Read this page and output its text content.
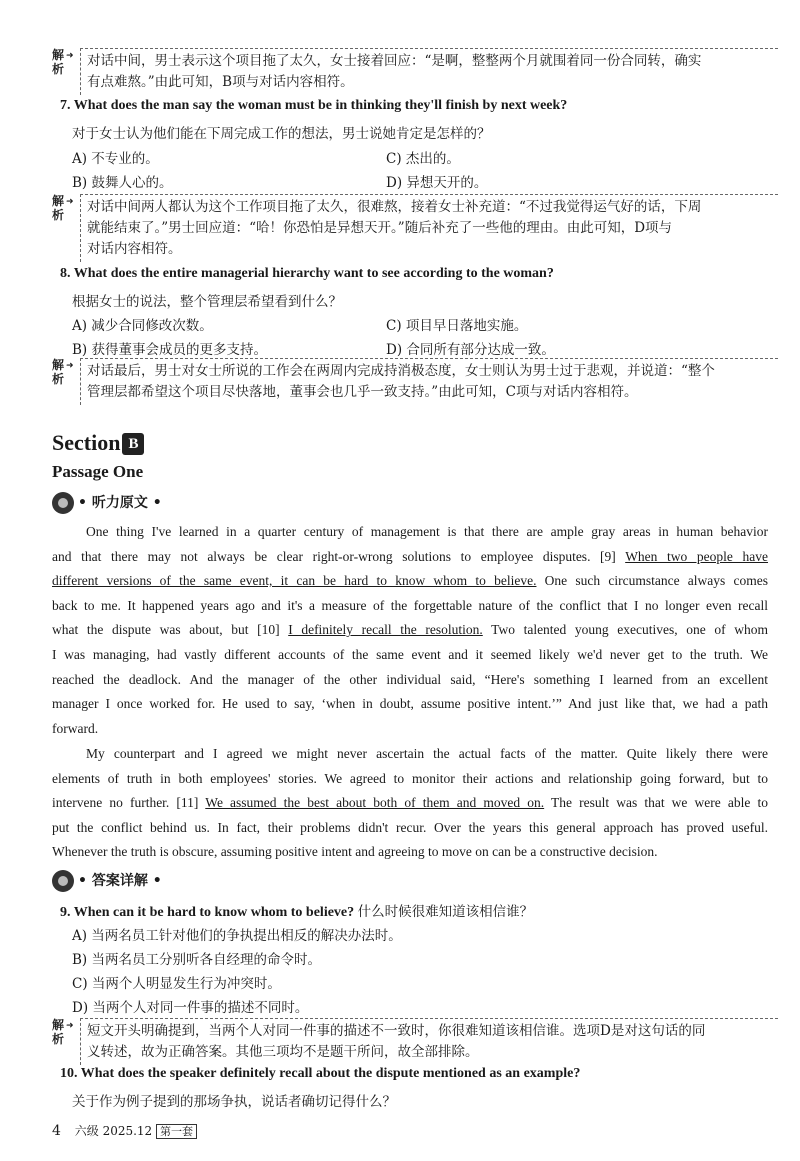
解析
➜ 对话中间，男士表示这个项目拖了太久，女士接着回应：“是啊，整整两个月就围着同一份合同转，确实
有点难熬。”由此可知，B项与对话内容相符。
7. What does the man say the woman must be in thinking they'll finish by next week?
对于女士认为他们能在下周完成工作的想法，男士说她肯定是怎样的？
A) 不专业的。	C) 杰出的。
B) 鼓舞人心的。	D) 异想天开的。
解析
➜ 对话中间两人都认为这个工作项目拖了太久，很难熬，接着女士补充道：“不过我觉得运气好的话，下周
就能结束了。”男士回应道：“哈！你恐怕是异想天开。”随后补充了一些他的理由。由此可知，D项与
对话内容相符。
8. What does the entire managerial hierarchy want to see according to the woman?
根据女士的说法，整个管理层希望看到什么？
A) 减少合同修改次数。	C) 项目早日落地实施。
B) 获得董事会成员的更多支持。	D) 合同所有部分达成一致。
解析
➜ 对话最后，男士对女士所说的工作会在两周内完成持消极态度，女士则认为男士过于悲观，并说道：“整个
管理层都希望这个项目尽快落地，董事会也几乎一致支持。”由此可知，C项与对话内容相符。
Section B
Passage One
• 听力原文 •
One thing I've learned in a quarter century of management is that there are ample gray areas in human behavior
and that there may not always be clear right-or-wrong solutions to employee disputes. [9] When two people have
different versions of the same event, it can be hard to know whom to believe. One such circumstance always comes
back to me. It happened years ago and it's a measure of the forgettable nature of the conflict that I no longer even recall
what the dispute was about, but [10] I definitely recall the resolution. Two talented young executives, one of whom
I was managing, had vastly different accounts of the same event and it seemed likely we'd never get to the truth. We
reached the deadlock. And the manager of the other individual said, “Here's something I learned from an excellent
manager I once worked for. He used to say, ‘when in doubt, assume positive intent.’” And just like that, we had a path
forward.
My counterpart and I agreed we might never ascertain the actual facts of the matter. Quite likely there were
elements of truth in both employees' stories. We agreed to monitor their actions and relationship going forward, but to
intervene no further. [11] We assumed the best about both of them and moved on. The result was that we were able to
put the conflict behind us. In fact, their problems didn't recur. Over the years this general approach has proved useful.
Whenever the truth is obscure, assuming positive intent and agreeing to move on can be a constructive decision.
• 答案详解 •
9. When can it be hard to know whom to believe? 什么时候很难知道该相信谁？
A) 当两名员工针对他们的争执提出相反的解决办法时。
B) 当两名员工分别听各自经理的命令时。
C) 当两个人明显发生行为冲突时。
D) 当两个人对同一件事的描述不同时。
解析
➜ 短文开头明确提到，当两个人对同一件事的描述不一致时，你很难知道该相信谁。选项D是对这句话的同
义转述，故为正确答案。其他三项均不是题干所问，故全部排除。
10. What does the speaker definitely recall about the dispute mentioned as an example?
关于作为例子提到的那场争执，说话者确切记得什么？
4 六级 2025.12 第一套
